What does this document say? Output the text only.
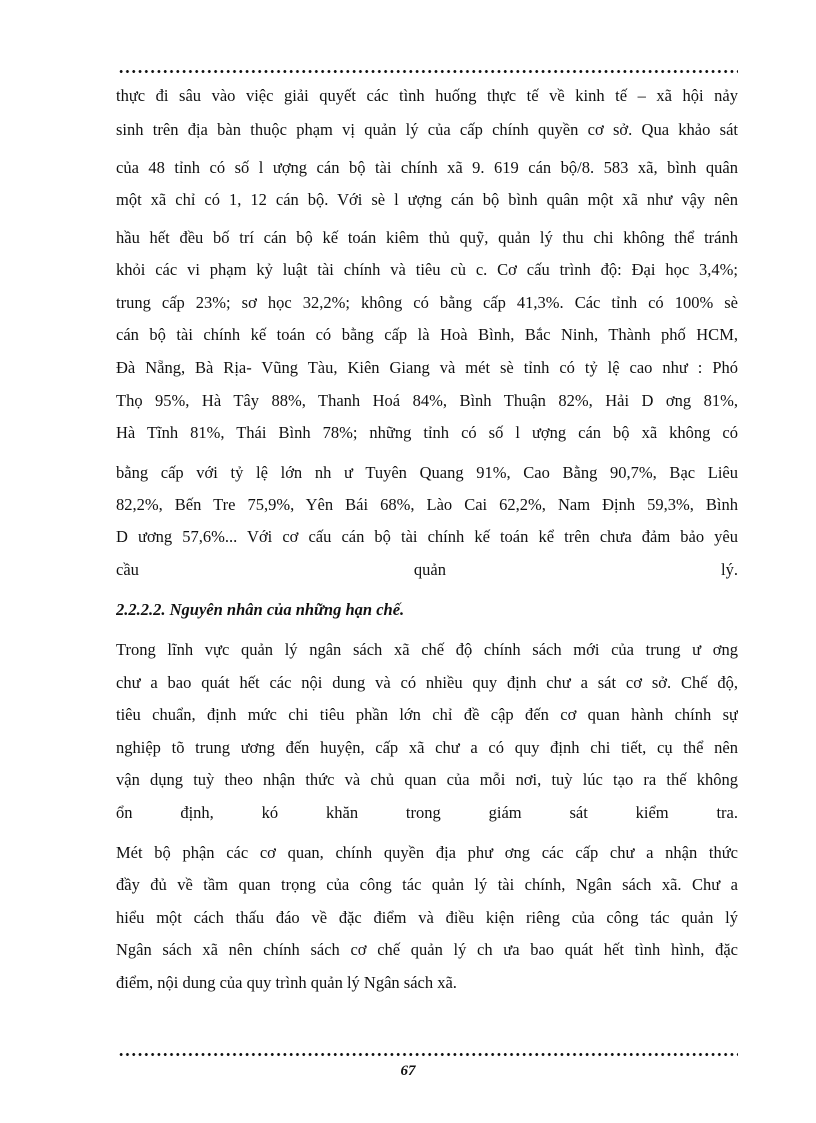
thực đi sâu vào việc giải quyết các tình huống thực tế về kinh tế – xã hội nảy

sinh trên địa bàn thuộc phạm vị quản lý của cấp chính quyền cơ sở. Qua khảo sát

của 48 tỉnh có số l ượng cán bộ tài chính xã 9. 619 cán bộ/8. 583 xã, bình quân

một xã chỉ có 1, 12 cán bộ. Với sè l ượng cán bộ bình quân một xã như vậy nên

hầu hết đều bố trí cán bộ kế toán kiêm thủ quỹ, quản lý thu chi không thể tránh

khỏi các vi phạm kỷ luật tài chính và tiêu cù c. Cơ cấu trình độ: Đại học 3,4%;

trung cấp 23%; sơ học 32,2%; không có bằng cấp 41,3%. Các tỉnh có 100% sè

cán bộ tài chính kế toán có bằng cấp là Hoà Bình, Bắc Ninh, Thành phố HCM,

Đà Nẵng, Bà Rịa- Vũng Tàu, Kiên Giang và mét sè tỉnh có tỷ lệ cao như : Phó

Thọ 95%, Hà Tây 88%, Thanh Hoá 84%, Bình Thuận 82%, Hải D ơng 81%,

Hà Tĩnh 81%, Thái Bình 78%; những tỉnh có số l ượng cán bộ xã không có

bằng cấp với tỷ lệ lớn nh ư Tuyên Quang 91%, Cao Bằng 90,7%, Bạc Liêu

82,2%, Bến Tre 75,9%, Yên Bái 68%, Lào Cai 62,2%, Nam Định 59,3%, Bình

D ương 57,6%... Với cơ cấu cán bộ tài chính kế toán kể trên chưa đảm bảo yêu

cầu quản lý.

2.2.2.2. Nguyên nhân của những hạn chế.

Trong lĩnh vực quản lý ngân sách xã chế độ chính sách mới của trung ư ơng

chư a bao quát hết các nội dung và có nhiều quy định chư a sát cơ sở. Chế độ,

tiêu chuẩn, định mức chi tiêu phần lớn chỉ đề cập đến cơ quan hành chính sự

nghiệp tõ trung ương đến huyện, cấp xã chư a có quy định chi tiết, cụ thể nên

vận dụng tuỳ theo nhận thức và chủ quan của mỗi nơi, tuỳ lúc tạo ra thế không

ổn định, kó khăn trong giám sát kiểm tra.

Mét bộ phận các cơ quan, chính quyền địa phư ơng các cấp chư a nhận thức

đầy đủ về tầm quan trọng của công tác quản lý tài chính, Ngân sách xã. Chư a

hiểu một cách thấu đáo về đặc điểm và điều kiện riêng của công tác quản lý

Ngân sách xã nên chính sách cơ chế quản lý ch ưa bao quát hết tình hình, đặc

điểm, nội dung của quy trình quản lý Ngân sách xã.

67
